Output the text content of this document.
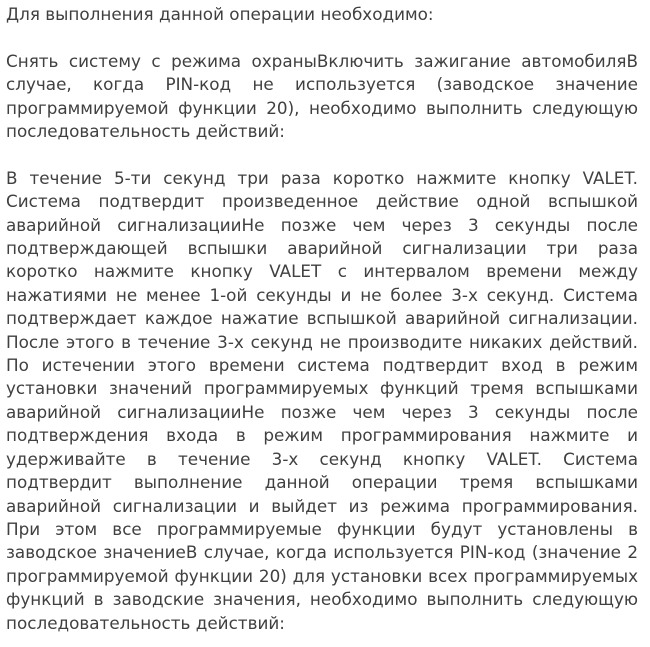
Для выполнения данной операции необходимо:

Снять систему с режима охраныВключить зажигание автомобиляВ случае, когда PIN-код не используется (заводское значение программируемой функции 20), необходимо выполнить следующую последовательность действий:

В течение 5-ти секунд три раза коротко нажмите кнопку VALET. Система подтвердит произведенное действие одной вспышкой аварийной сигнализацииНе позже чем через 3 секунды после подтверждающей вспышки аварийной сигнализации три раза коротко нажмите кнопку VALET с интервалом времени между нажатиями не менее 1-ой секунды и не более 3-х секунд. Система подтверждает каждое нажатие вспышкой аварийной сигнализации. После этого в течение 3-х секунд не производите никаких действий. По истечении этого времени система подтвердит вход в режим установки значений программируемых функций тремя вспышками аварийной сигнализацииНе позже чем через 3 секунды после подтверждения входа в режим программирования нажмите и удерживайте в течение 3-х секунд кнопку VALET. Система подтвердит выполнение данной операции тремя вспышками аварийной сигнализации и выйдет из режима программирования. При этом все программируемые функции будут установлены в заводское значениеВ случае, когда используется PIN-код (значение 2 программируемой функции 20) для установки всех программируемых функций в заводские значения, необходимо выполнить следующую последовательность действий:
